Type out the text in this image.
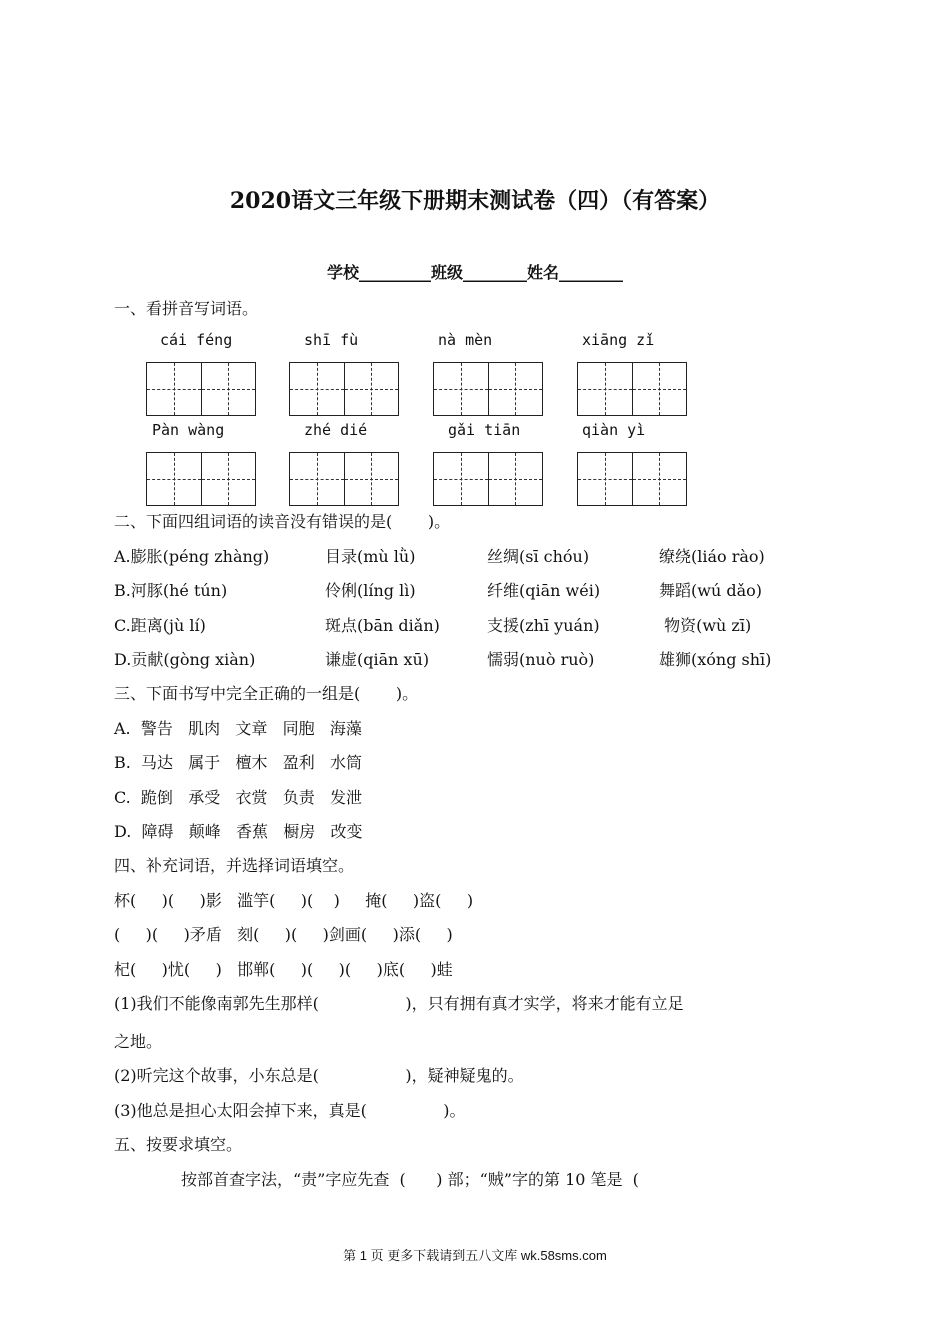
2020语文三年级下册期末测试卷（四）（有答案）
学校_________班级________姓名________
一、看拼音写词语。
cái féng	shī fù	nà mèn	xiāng zǐ
Pàn wàng	zhé dié	gǎi tiān	qiàn yì
二、下面四组词语的读音没有错误的是(       )。
A.膨胀(péng zhàng)	目录(mù lǜ)	丝绸(sī chóu)	缭绕(liáo rào)
B.河豚(hé tún)	伶俐(líng lì)	纤维(qiān wéi)	舞蹈(wú dǎo)
C.距离(jù lí)	斑点(bān diǎn)	支援(zhī yuán)	物资(wù zī)
D.贡献(gòng xiàn)	谦虚(qiān xū)	懦弱(nuò ruò)	雄狮(xóng shī)
三、下面书写中完全正确的一组是(       )。
A.  警告   肌肉   文章   同胞   海藻
B.  马达   属于   檀木   盈利   水筒
C.  跪倒   承受   衣赏   负责   发泄
D.  障碍   颠峰   香蕉   橱房   改变
四、补充词语，并选择词语填空。
杯(     )(     )影   滥竽(     )(    )     掩(     )盗(     )
(     )(     )矛盾   刻(     )(     )剑画(     )添(     )
杞(     )忧(     )   邯郸(     )(     )(     )底(     )蛙
(1)我们不能像南郭先生那样(                 )，只有拥有真才实学，将来才能有立足
之地。
(2)听完这个故事，小东总是(                 )，疑神疑鬼的。
(3)他总是担心太阳会掉下来，真是(               )。
五、按要求填空。
按部首查字法，“责”字应先查  (      ) 部；“贼”字的第 10 笔是  (
第 1 页 更多下载请到五八文库 wk.58sms.com
